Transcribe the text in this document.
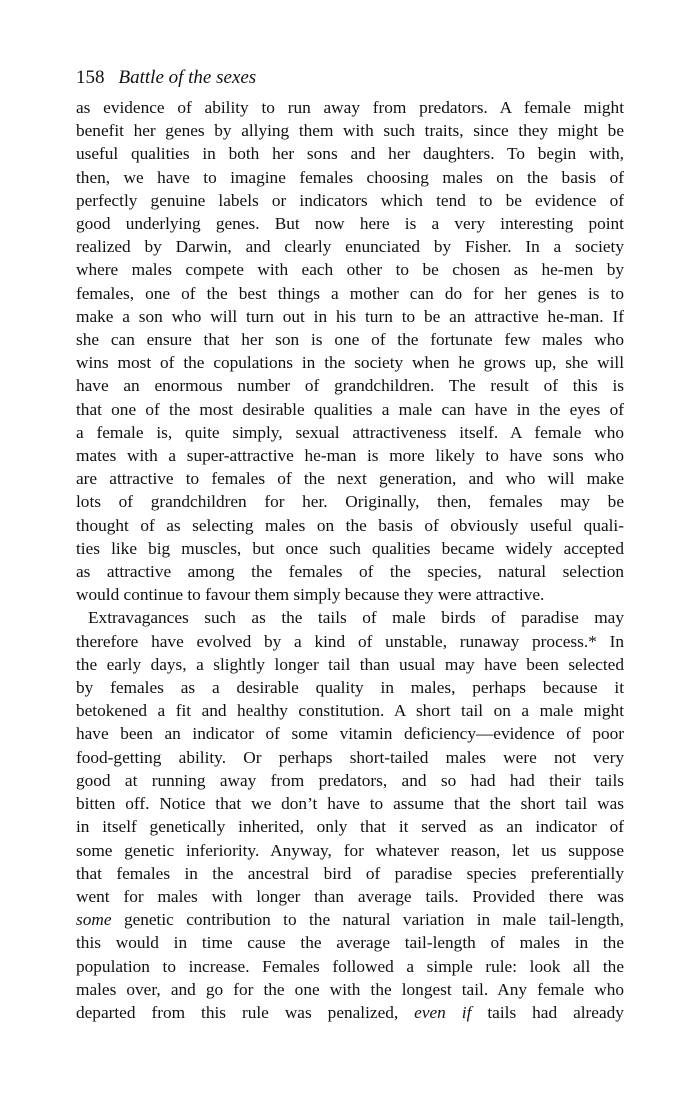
158 Battle of the sexes
as evidence of ability to run away from predators. A female might
benefit her genes by allying them with such traits, since they might be
useful qualities in both her sons and her daughters. To begin with,
then, we have to imagine females choosing males on the basis of
perfectly genuine labels or indicators which tend to be evidence of
good underlying genes. But now here is a very interesting point
realized by Darwin, and clearly enunciated by Fisher. In a society
where males compete with each other to be chosen as he-men by
females, one of the best things a mother can do for her genes is to
make a son who will turn out in his turn to be an attractive he-man. If
she can ensure that her son is one of the fortunate few males who
wins most of the copulations in the society when he grows up, she will
have an enormous number of grandchildren. The result of this is
that one of the most desirable qualities a male can have in the eyes of
a female is, quite simply, sexual attractiveness itself. A female who
mates with a super-attractive he-man is more likely to have sons who
are attractive to females of the next generation, and who will make
lots of grandchildren for her. Originally, then, females may be
thought of as selecting males on the basis of obviously useful quali-
ties like big muscles, but once such qualities became widely accepted
as attractive among the females of the species, natural selection
would continue to favour them simply because they were attractive.
Extravagances such as the tails of male birds of paradise may
therefore have evolved by a kind of unstable, runaway process.* In
the early days, a slightly longer tail than usual may have been selected
by females as a desirable quality in males, perhaps because it
betokened a fit and healthy constitution. A short tail on a male might
have been an indicator of some vitamin deficiency—evidence of poor
food-getting ability. Or perhaps short-tailed males were not very
good at running away from predators, and so had had their tails
bitten off. Notice that we don’t have to assume that the short tail was
in itself genetically inherited, only that it served as an indicator of
some genetic inferiority. Anyway, for whatever reason, let us suppose
that females in the ancestral bird of paradise species preferentially
went for males with longer than average tails. Provided there was
some genetic contribution to the natural variation in male tail-length,
this would in time cause the average tail-length of males in the
population to increase. Females followed a simple rule: look all the
males over, and go for the one with the longest tail. Any female who
departed from this rule was penalized, even if tails had already
